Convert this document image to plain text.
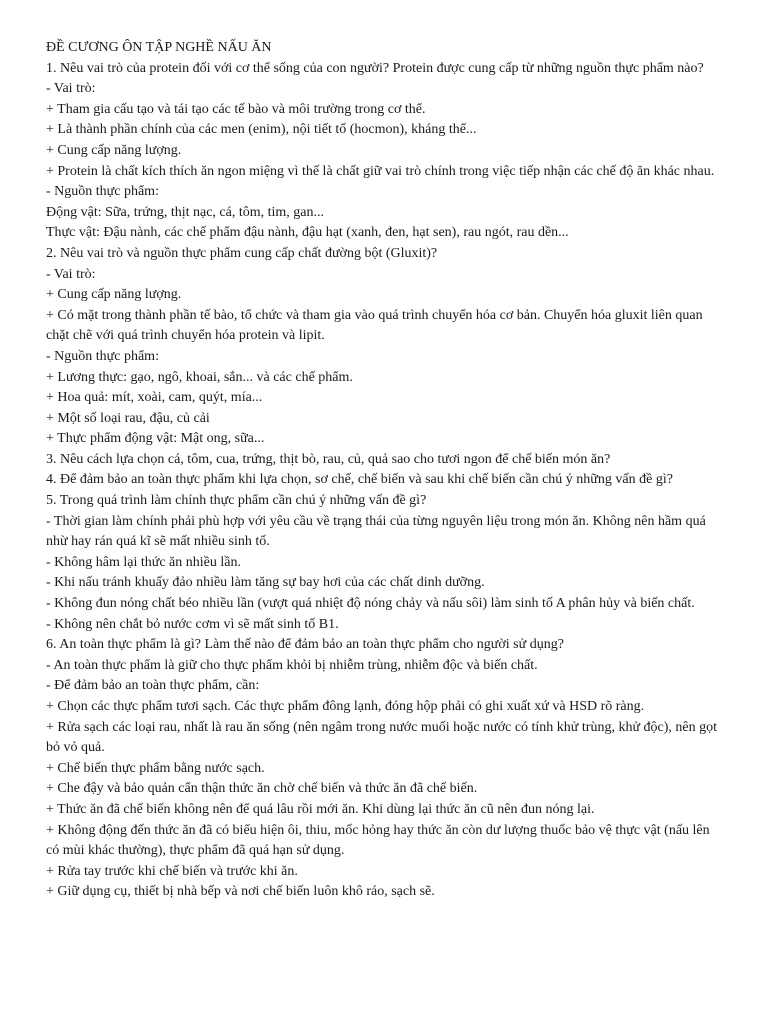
ĐỀ CƯƠNG ÔN TẬP NGHỀ NẤU ĂN

1. Nêu vai trò của protein đối với cơ thể sống của con người? Protein được cung cấp từ những nguồn thực phẩm nào?

- Vai trò:

+ Tham gia cấu tạo và tái tạo các tế bào và môi trường trong cơ thể.

+ Là thành phần chính của các men (enim), nội tiết tố (hocmon), kháng thể...

+ Cung cấp năng lượng.

+ Protein là chất kích thích ăn ngon miệng vì thế là chất giữ vai trò chính trong việc tiếp nhận các chế độ ăn khác nhau.

- Nguồn thực phẩm:

Động vật: Sữa, trứng, thịt nạc, cá, tôm, tim, gan...

Thực vật: Đậu nành, các chế phẩm đậu nành, đậu hạt (xanh, đen, hạt sen), rau ngót, rau dền...

2. Nêu vai trò và nguồn thực phẩm cung cấp chất đường bột (Gluxit)?

- Vai trò:

+ Cung cấp năng lượng.

+ Có mặt trong thành phần tế bào, tổ chức và tham gia vào quá trình chuyển hóa cơ bản. Chuyển hóa gluxit liên quan chặt chẽ với quá trình chuyển hóa protein và lipit.

- Nguồn thực phẩm:

+ Lương thực: gạo, ngô, khoai, sắn... và các chế phẩm.

+ Hoa quả: mít, xoài, cam, quýt, mía...

+ Một số loại rau, đậu, củ cải

+ Thực phẩm động vật: Mật ong, sữa...

3. Nêu cách lựa chọn cá, tôm, cua, trứng, thịt bò, rau, củ, quả sao cho tươi ngon để chế biến món ăn?

4. Để đảm bảo an toàn thực phẩm khi lựa chọn, sơ chế, chế biến và sau khi chế biến cần chú ý những vấn đề gì?

5. Trong quá trình làm chính thực phẩm cần chú ý những vấn đề gì?

- Thời gian làm chính phải phù hợp với yêu cầu về trạng thái của từng nguyên liệu trong món ăn. Không nên hầm quá nhừ hay rán quá kĩ sẽ mất nhiều sinh tố.

- Không hâm lại thức ăn nhiều lần.

- Khi nấu tránh khuấy đảo nhiều làm tăng sự bay hơi của các chất dinh dưỡng.

- Không đun nóng chất béo nhiều lần (vượt quá nhiệt độ nóng chảy và nấu sôi) làm sinh tố A phân hủy và biến chất.

- Không nên chắt bỏ nước cơm vì sẽ mất sinh tố B1.

6. An toàn thực phẩm là gì? Làm thế nào để đảm bảo an toàn thực phẩm cho người sử dụng?

- An toàn thực phẩm là giữ cho thực phẩm khỏi bị nhiễm trùng, nhiễm độc và biến chất.

- Để đảm bảo an toàn thực phẩm, cần:

+ Chọn các thực phẩm tươi sạch. Các thực phẩm đông lạnh, đóng hộp phải có ghi xuất xứ và HSD rõ ràng.

+ Rửa sạch các loại rau, nhất là rau ăn sống (nên ngâm trong nước muối hoặc nước có tính khử trùng, khử độc), nên gọt bỏ vỏ quả.

+ Chế biến thực phẩm bằng nước sạch.

+ Che đậy và bảo quản cẩn thận thức ăn chờ chế biến và thức ăn đã chế biến.

+ Thức ăn đã chế biến không nên để quá lâu rồi mới ăn. Khi dùng lại thức ăn cũ nên đun nóng lại.

+ Không động đến thức ăn đã có biểu hiện ôi, thiu, mốc hỏng hay thức ăn còn dư lượng thuốc bảo vệ thực vật (nấu lên có mùi khác thường), thực phẩm đã quá hạn sử dụng.

+ Rửa tay trước khi chế biến và trước khi ăn.

+ Giữ dụng cụ, thiết bị nhà bếp và nơi chế biến luôn khô ráo, sạch sẽ.
